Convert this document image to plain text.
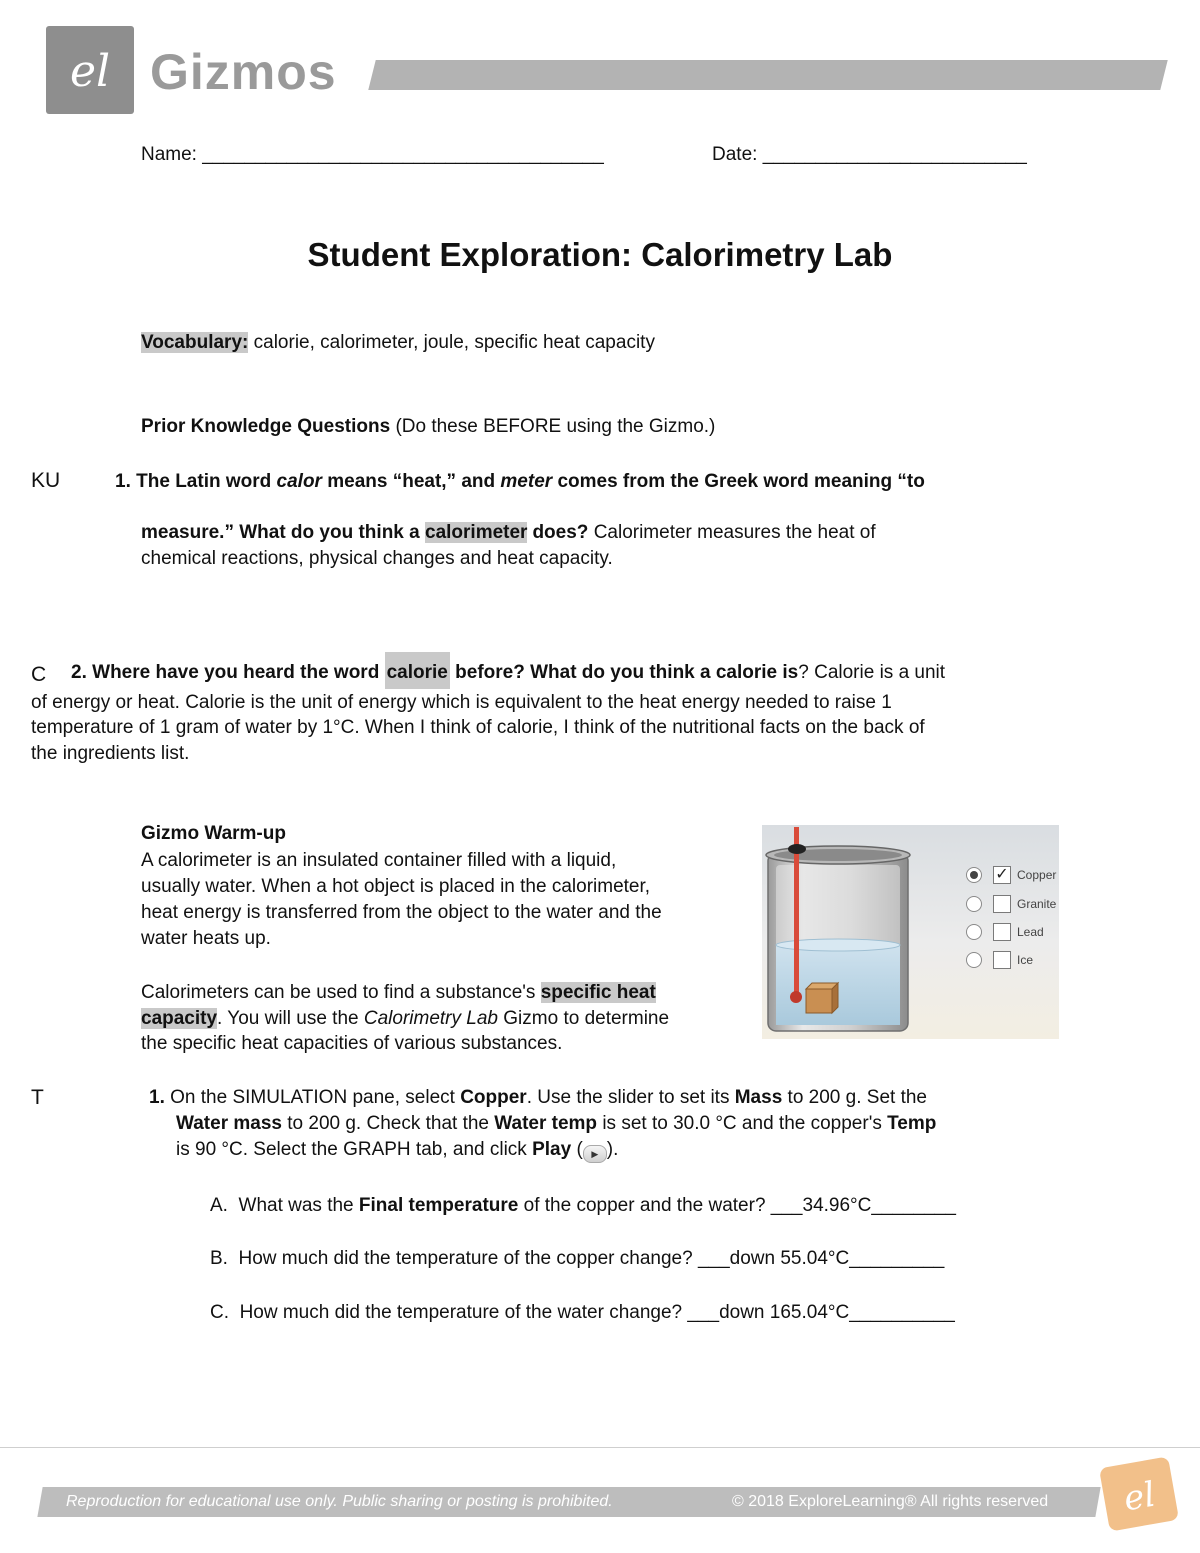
el Gizmos
Name: ______________________________________	Date: _________________________
Student Exploration: Calorimetry Lab
Vocabulary: calorie, calorimeter, joule, specific heat capacity
Prior Knowledge Questions (Do these BEFORE using the Gizmo.)
KU	1. The Latin word calor means “heat,” and meter comes from the Greek word meaning “to
measure.” What do you think a calorimeter does? Calorimeter measures the heat of
chemical reactions, physical changes and heat capacity.
C 2. Where have you heard the word calorie before? What do you think a calorie is? Calorie is a unit
of energy or heat. Calorie is the unit of energy which is equivalent to the heat energy needed to raise 1
temperature of 1 gram of water by 1°C. When I think of calorie, I think of the nutritional facts on the back of
the ingredients list.
Gizmo Warm-up
A calorimeter is an insulated container filled with a liquid,
usually water. When a hot object is placed in the calorimeter,
heat energy is transferred from the object to the water and the
water heats up.
Calorimeters can be used to find a substance's specific heat
capacity. You will use the Calorimetry Lab Gizmo to determine
the specific heat capacities of various substances.
✓ Copper
Granite
Lead
Ice
T	1. On the SIMULATION pane, select Copper. Use the slider to set its Mass to 200 g. Set the
Water mass to 200 g. Check that the Water temp is set to 30.0 °C and the copper's Temp
is 90 °C. Select the GRAPH tab, and click Play ( ▶ ).
A. What was the Final temperature of the copper and the water? ___34.96°C________
B. How much did the temperature of the copper change? ___down 55.04°C_________
C. How much did the temperature of the water change? ___down 165.04°C__________
Reproduction for educational use only. Public sharing or posting is prohibited.	© 2018 ExploreLearning® All rights reserved el
